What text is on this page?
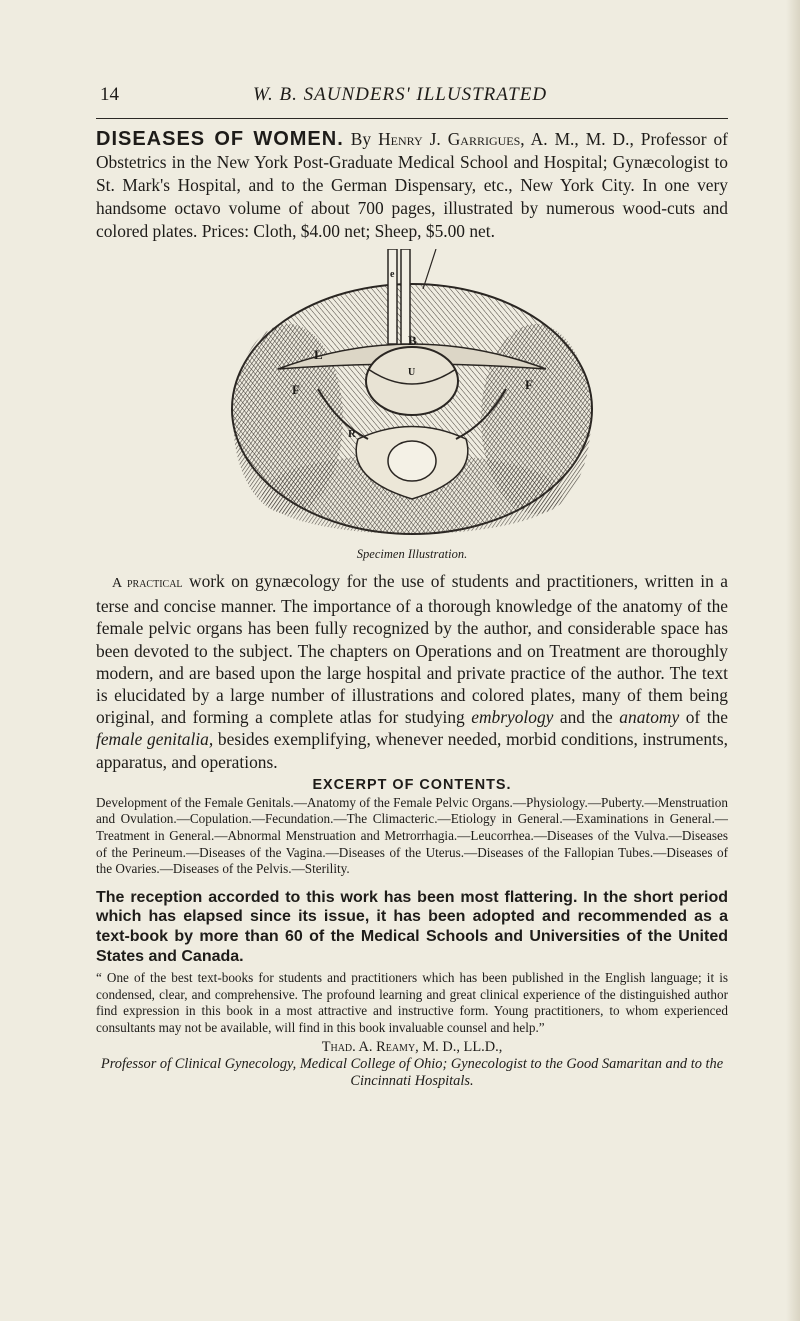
14	W. B. SAUNDERS' ILLUSTRATED

DISEASES OF WOMEN. By Henry J. Garrigues, A. M., M. D., Professor of Obstetrics in the New York Post-Graduate Medical School and Hospital; Gynæcologist to St. Mark's Hospital, and to the German Dispensary, etc., New York City. In one very handsome octavo volume of about 700 pages, illustrated by numerous wood-cuts and colored plates. Prices: Cloth, $4.00 net; Sheep, $5.00 net.

e
B
L
U
F	F
R
Specimen Illustration.

A practical work on gynæcology for the use of students and practitioners, written in a terse and concise manner. The importance of a thorough knowledge of the anatomy of the female pelvic organs has been fully recognized by the author, and considerable space has been devoted to the subject. The chapters on Operations and on Treatment are thoroughly modern, and are based upon the large hospital and private practice of the author. The text is elucidated by a large number of illustrations and colored plates, many of them being original, and forming a complete atlas for studying embryology and the anatomy of the female genitalia, besides exemplifying, whenever needed, morbid conditions, instruments, apparatus, and operations.

EXCERPT OF CONTENTS.

Development of the Female Genitals.—Anatomy of the Female Pelvic Organs.—Physiology.—Puberty.—Menstruation and Ovulation.—Copulation.—Fecundation.—The Climacteric.—Etiology in General.—Examinations in General.—Treatment in General.—Abnormal Menstruation and Metrorrhagia.—Leucorrhea.—Diseases of the Vulva.—Diseases of the Perineum.—Diseases of the Vagina.—Diseases of the Uterus.—Diseases of the Fallopian Tubes.—Diseases of the Ovaries.—Diseases of the Pelvis.—Sterility.

The reception accorded to this work has been most flattering. In the short period which has elapsed since its issue, it has been adopted and recommended as a text-book by more than 60 of the Medical Schools and Universities of the United States and Canada.

“ One of the best text-books for students and practitioners which has been published in the English language; it is condensed, clear, and comprehensive. The profound learning and great clinical experience of the distinguished author find expression in this book in a most attractive and instructive form. Young practitioners, to whom experienced consultants may not be available, will find in this book invaluable counsel and help.”

Thad. A. Reamy, M. D., LL.D.,

Professor of Clinical Gynecology, Medical College of Ohio; Gynecologist to the Good Samaritan and to the Cincinnati Hospitals.
